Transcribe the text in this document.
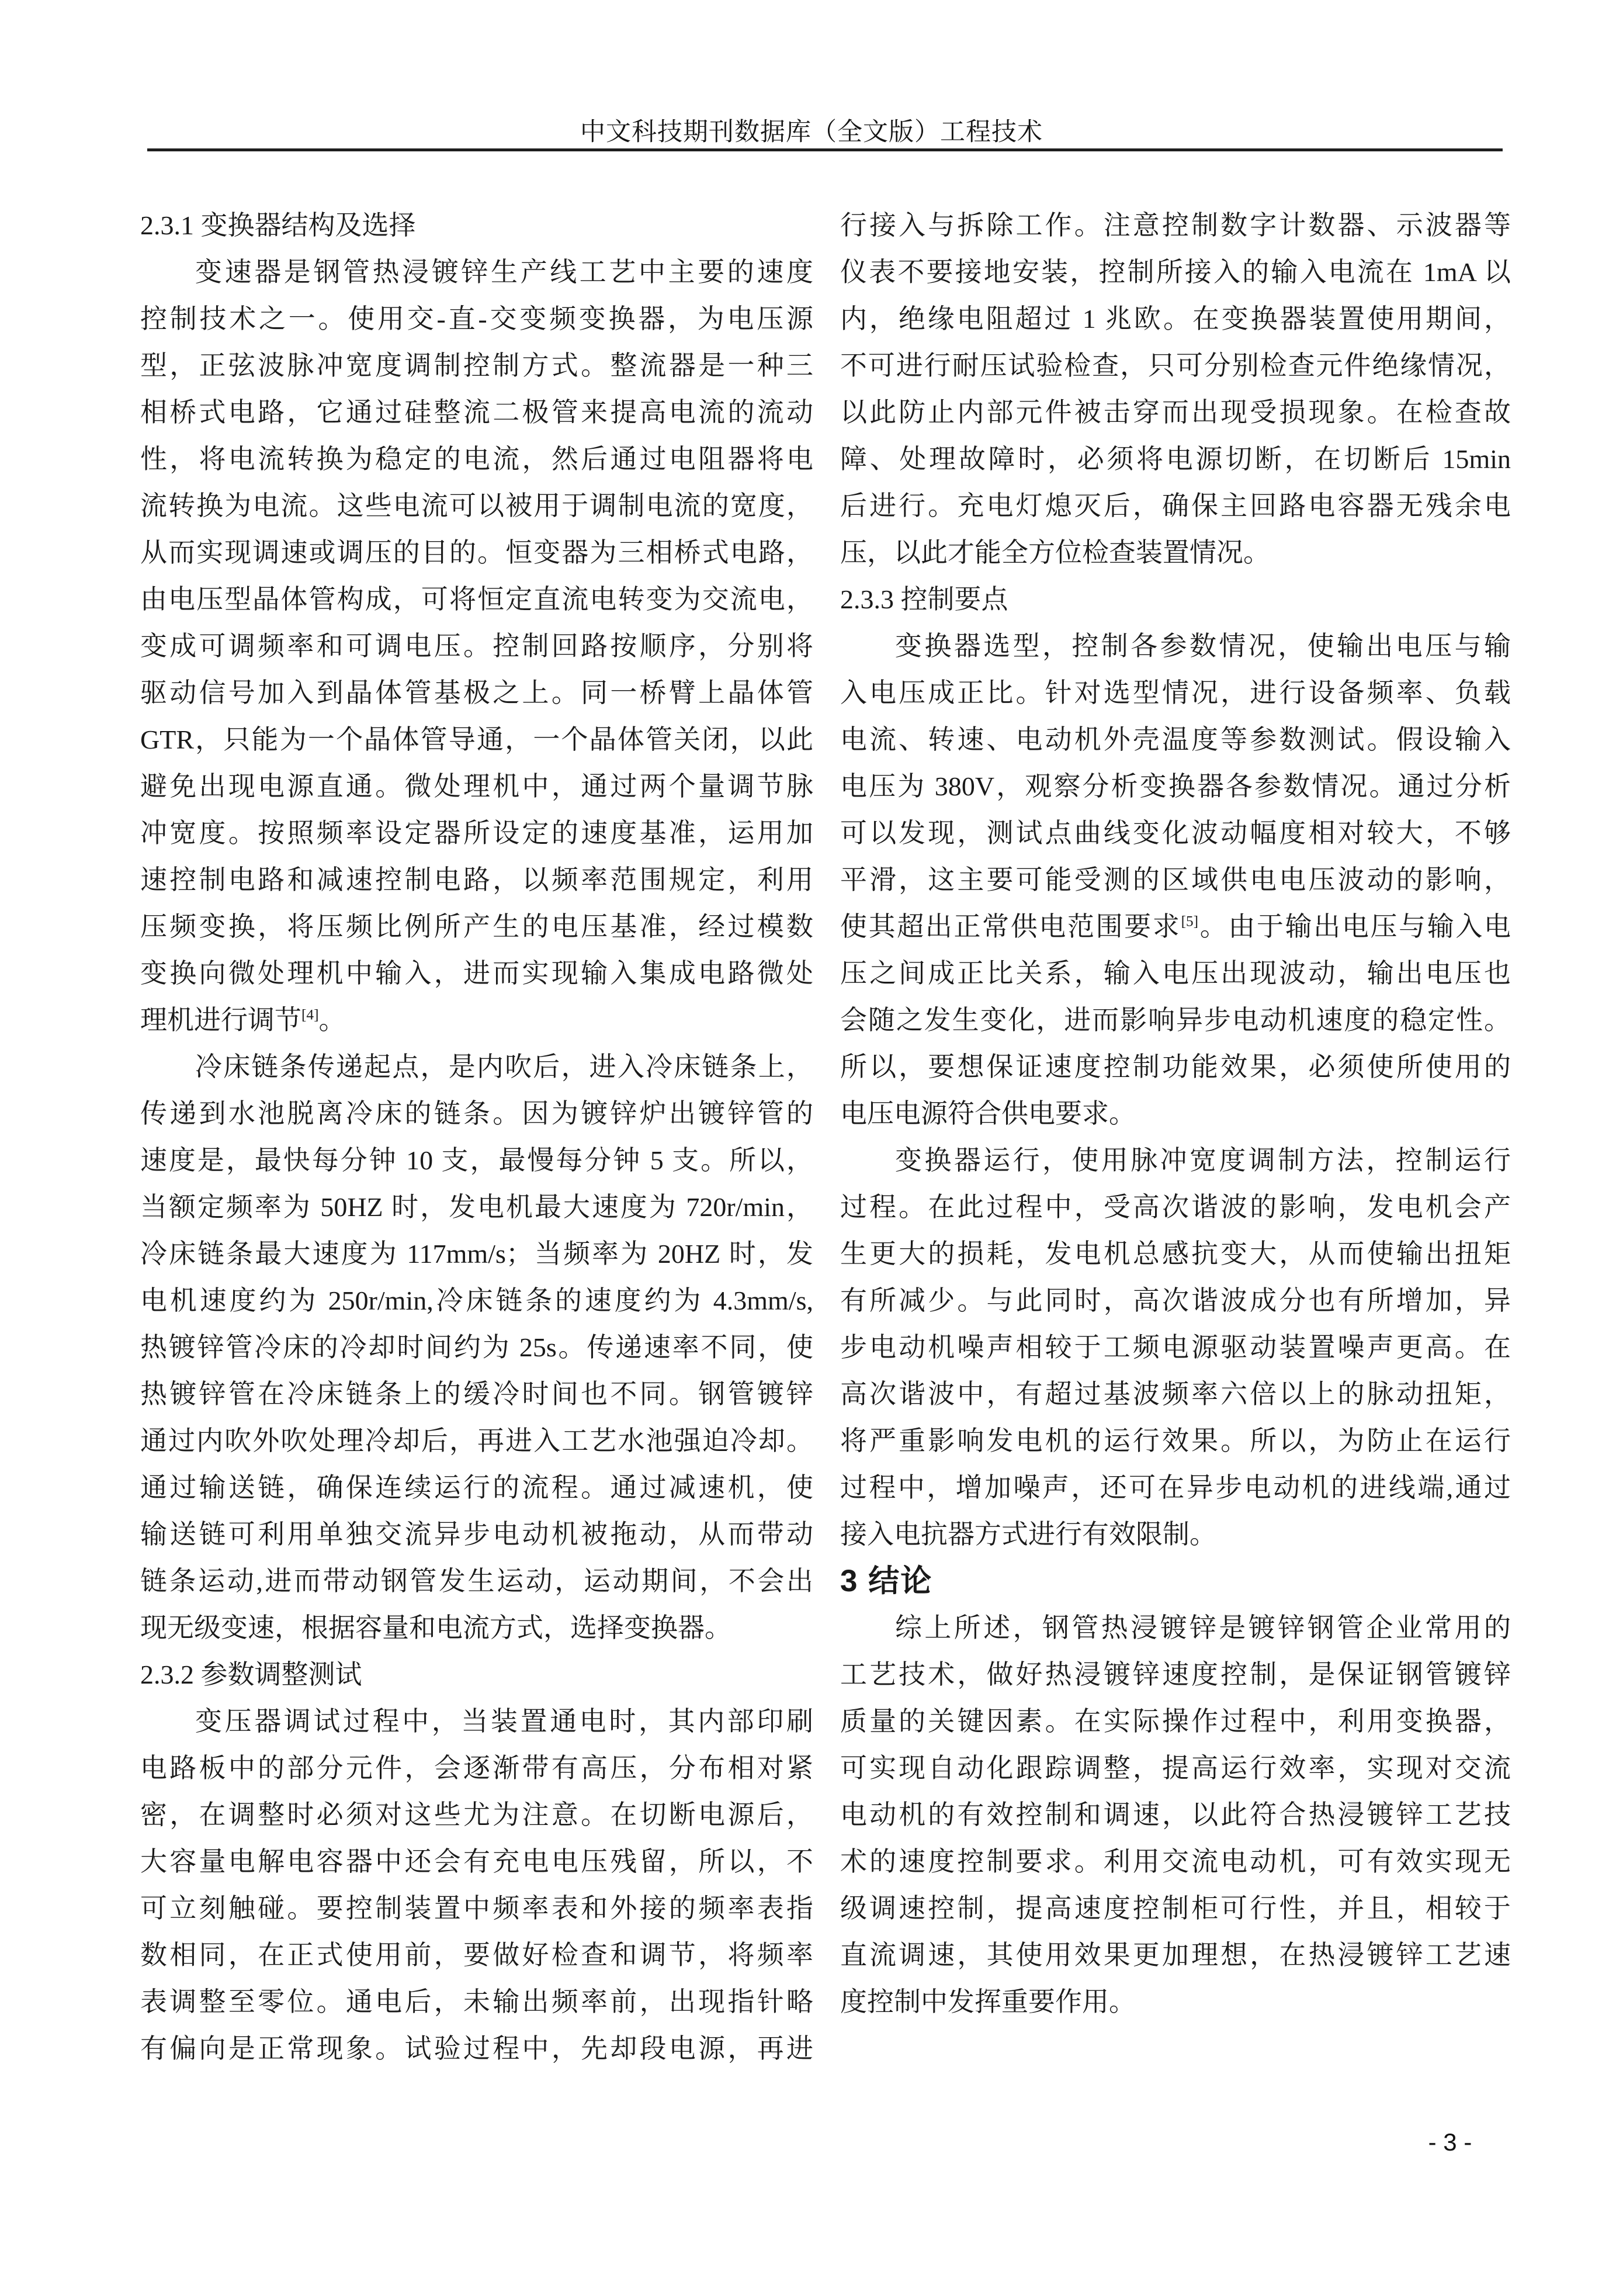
中文科技期刊数据库（全文版）工程技术
2.3.1 变换器结构及选择
变速器是钢管热浸镀锌生产线工艺中主要的速度
控制技术之一。使用交-直-交变频变换器，为电压源
型，正弦波脉冲宽度调制控制方式。整流器是一种三
相桥式电路，它通过硅整流二极管来提高电流的流动
性，将电流转换为稳定的电流，然后通过电阻器将电
流转换为电流。这些电流可以被用于调制电流的宽度，
从而实现调速或调压的目的。恒变器为三相桥式电路，
由电压型晶体管构成，可将恒定直流电转变为交流电，
变成可调频率和可调电压。控制回路按顺序，分别将
驱动信号加入到晶体管基极之上。同一桥臂上晶体管
GTR，只能为一个晶体管导通，一个晶体管关闭，以此
避免出现电源直通。微处理机中，通过两个量调节脉
冲宽度。按照频率设定器所设定的速度基准，运用加
速控制电路和减速控制电路，以频率范围规定，利用
压频变换，将压频比例所产生的电压基准，经过模数
变换向微处理机中输入，进而实现输入集成电路微处
理机进行调节[4]。
冷床链条传递起点，是内吹后，进入冷床链条上，
传递到水池脱离冷床的链条。因为镀锌炉出镀锌管的
速度是，最快每分钟 10 支，最慢每分钟 5 支。所以，
当额定频率为 50HZ 时，发电机最大速度为 720r/min，
冷床链条最大速度为 117mm/s；当频率为 20HZ 时，发
电机速度约为 250r/min,冷床链条的速度约为 4.3mm/s,
热镀锌管冷床的冷却时间约为 25s。传递速率不同，使
热镀锌管在冷床链条上的缓冷时间也不同。钢管镀锌
通过内吹外吹处理冷却后，再进入工艺水池强迫冷却。
通过输送链，确保连续运行的流程。通过减速机，使
输送链可利用单独交流异步电动机被拖动，从而带动
链条运动,进而带动钢管发生运动，运动期间，不会出
现无级变速，根据容量和电流方式，选择变换器。
2.3.2 参数调整测试
变压器调试过程中，当装置通电时，其内部印刷
电路板中的部分元件，会逐渐带有高压，分布相对紧
密，在调整时必须对这些尤为注意。在切断电源后，
大容量电解电容器中还会有充电电压残留，所以，不
可立刻触碰。要控制装置中频率表和外接的频率表指
数相同，在正式使用前，要做好检查和调节，将频率
表调整至零位。通电后，未输出频率前，出现指针略
有偏向是正常现象。试验过程中，先却段电源，再进
行接入与拆除工作。注意控制数字计数器、示波器等
仪表不要接地安装，控制所接入的输入电流在 1mA 以
内，绝缘电阻超过 1 兆欧。在变换器装置使用期间，
不可进行耐压试验检查，只可分别检查元件绝缘情况，
以此防止内部元件被击穿而出现受损现象。在检查故
障、处理故障时，必须将电源切断，在切断后 15min
后进行。充电灯熄灭后，确保主回路电容器无残余电
压，以此才能全方位检查装置情况。
2.3.3 控制要点
变换器选型，控制各参数情况，使输出电压与输
入电压成正比。针对选型情况，进行设备频率、负载
电流、转速、电动机外壳温度等参数测试。假设输入
电压为 380V，观察分析变换器各参数情况。通过分析
可以发现，测试点曲线变化波动幅度相对较大，不够
平滑，这主要可能受测的区域供电电压波动的影响，
使其超出正常供电范围要求[5]。由于输出电压与输入电
压之间成正比关系，输入电压出现波动，输出电压也
会随之发生变化，进而影响异步电动机速度的稳定性。
所以，要想保证速度控制功能效果，必须使所使用的
电压电源符合供电要求。
变换器运行，使用脉冲宽度调制方法，控制运行
过程。在此过程中，受高次谐波的影响，发电机会产
生更大的损耗，发电机总感抗变大，从而使输出扭矩
有所减少。与此同时，高次谐波成分也有所增加，异
步电动机噪声相较于工频电源驱动装置噪声更高。在
高次谐波中，有超过基波频率六倍以上的脉动扭矩，
将严重影响发电机的运行效果。所以，为防止在运行
过程中，增加噪声，还可在异步电动机的进线端,通过
接入电抗器方式进行有效限制。
3 结论
综上所述，钢管热浸镀锌是镀锌钢管企业常用的
工艺技术，做好热浸镀锌速度控制，是保证钢管镀锌
质量的关键因素。在实际操作过程中，利用变换器，
可实现自动化跟踪调整，提高运行效率，实现对交流
电动机的有效控制和调速，以此符合热浸镀锌工艺技
术的速度控制要求。利用交流电动机，可有效实现无
级调速控制，提高速度控制柜可行性，并且，相较于
直流调速，其使用效果更加理想，在热浸镀锌工艺速
度控制中发挥重要作用。
- 3 -
